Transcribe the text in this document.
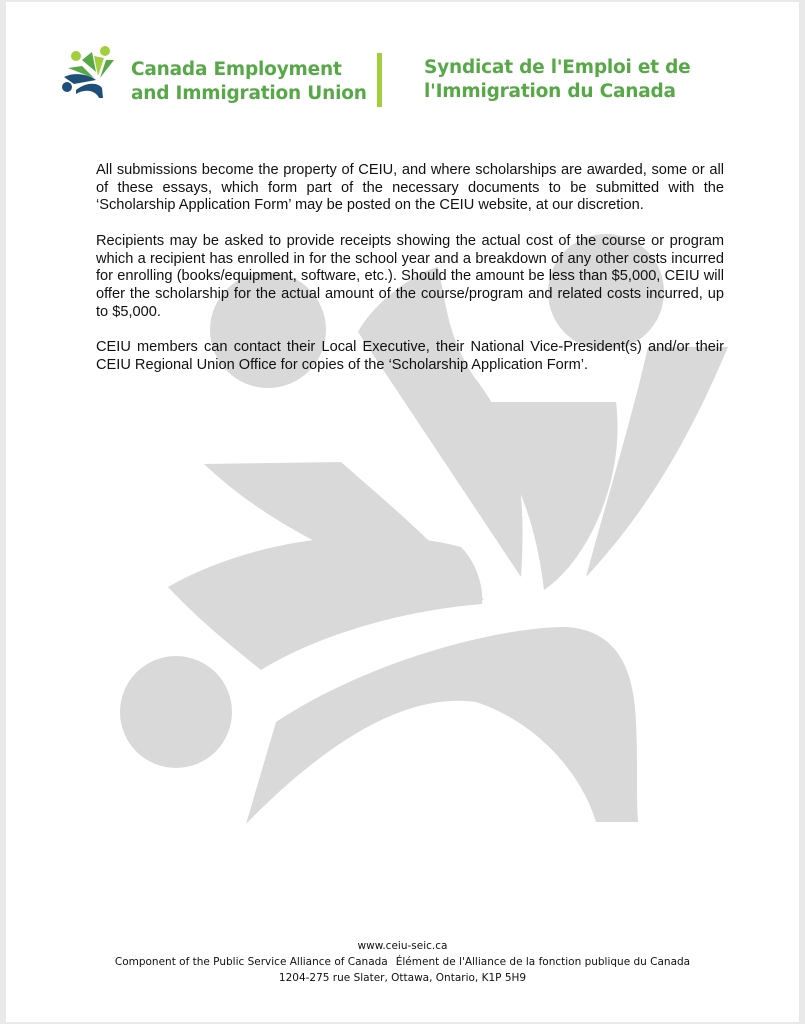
Canada Employment
and Immigration Union
Syndicat de l'Emploi et de
l'Immigration du Canada

All submissions become the property of CEIU, and where scholarships are awarded, some or all of these essays, which form part of the necessary documents to be submitted with the ‘Scholarship Application Form’ may be posted on the CEIU website, at our discretion.

Recipients may be asked to provide receipts showing the actual cost of the course or program which a recipient has enrolled in for the school year and a breakdown of any other costs incurred for enrolling (books/equipment, software, etc.). Should the amount be less than $5,000, CEIU will offer the scholarship for the actual amount of the course/program and related costs incurred, up to $5,000.

CEIU members can contact their Local Executive, their National Vice-President(s) and/or their CEIU Regional Union Office for copies of the ‘Scholarship Application Form’.

www.ceiu-seic.ca
Component of the Public Service Alliance of Canada Élément de l'Alliance de la fonction publique du Canada
1204-275 rue Slater, Ottawa, Ontario, K1P 5H9
